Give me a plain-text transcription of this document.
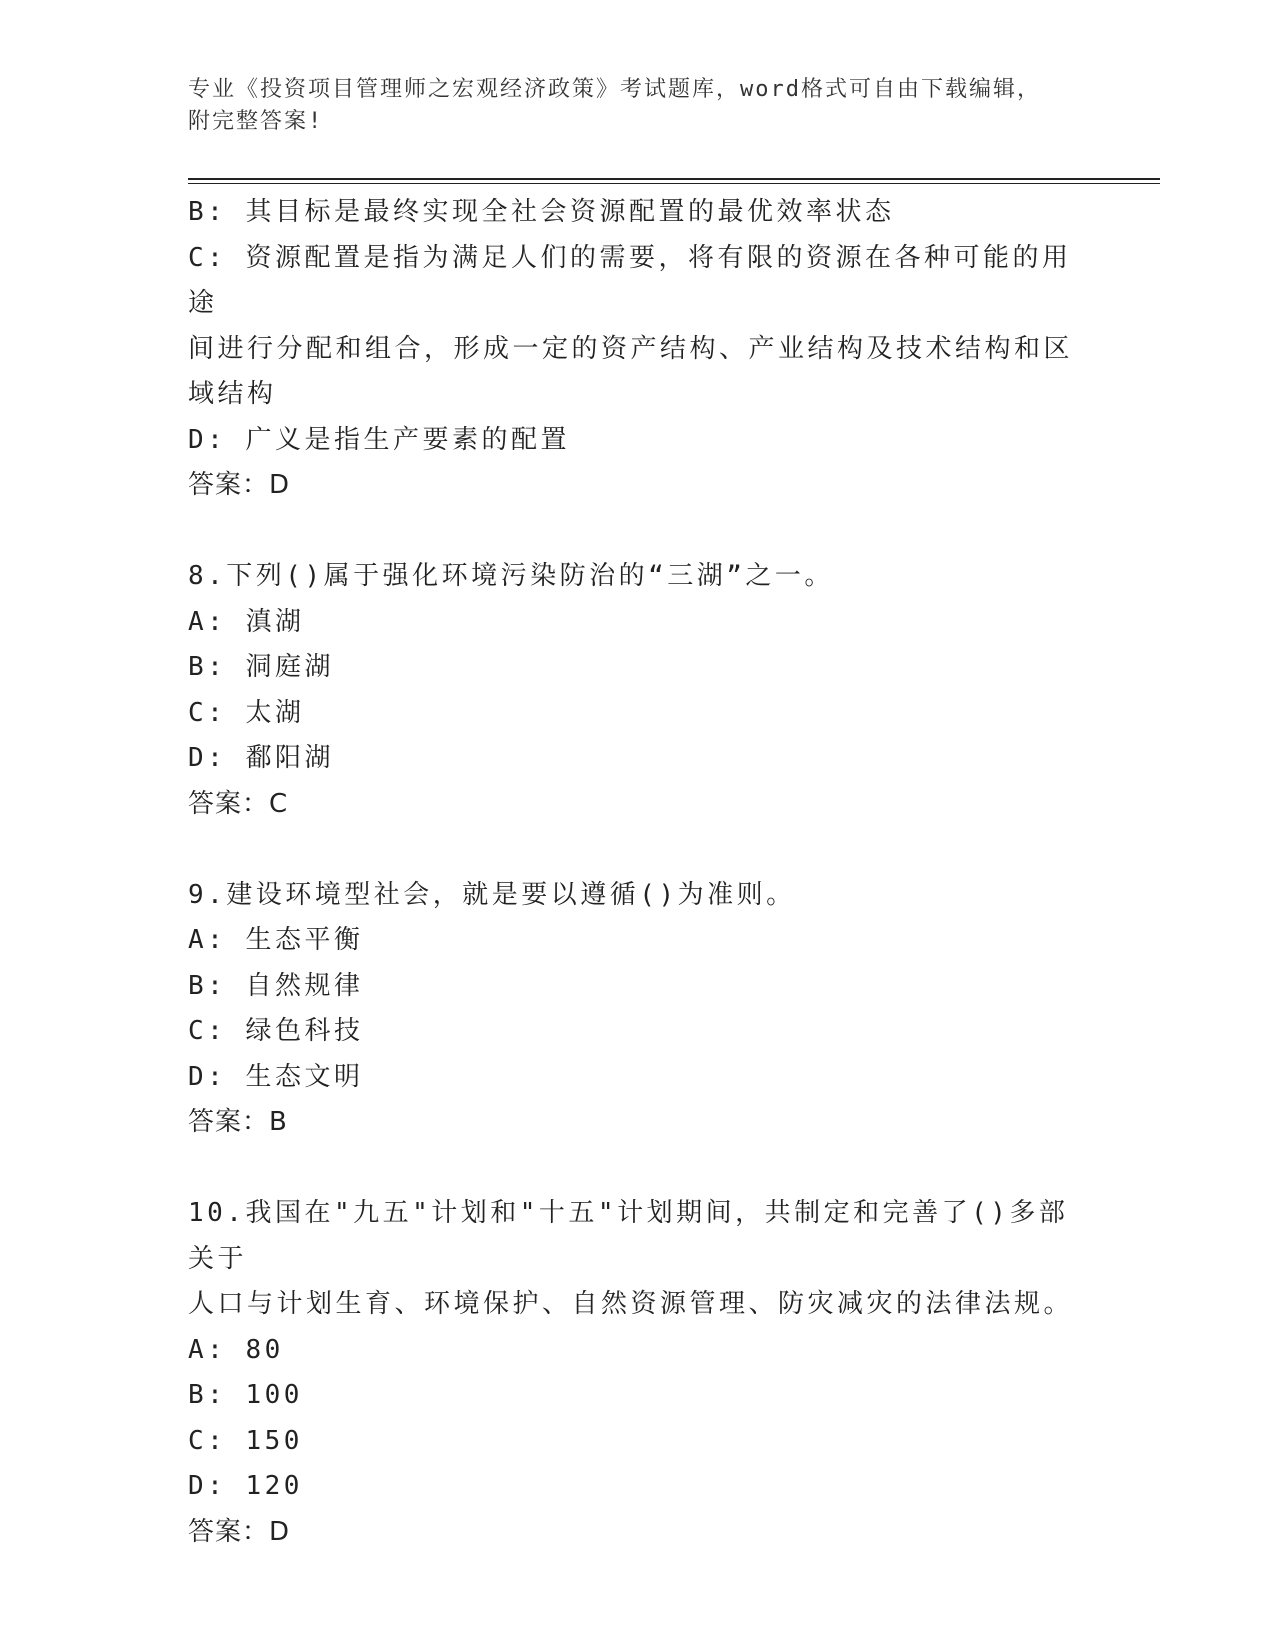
专业《投资项目管理师之宏观经济政策》考试题库，word格式可自由下载编辑，
附完整答案!

B: 其目标是最终实现全社会资源配置的最优效率状态

C: 资源配置是指为满足人们的需要，将有限的资源在各种可能的用途

间进行分配和组合，形成一定的资产结构、产业结构及技术结构和区

域结构

D: 广义是指生产要素的配置

答案：D

8.下列()属于强化环境污染防治的“三湖”之一。

A: 滇湖

B: 洞庭湖

C: 太湖

D: 鄱阳湖

答案：C

9.建设环境型社会，就是要以遵循()为准则。

A: 生态平衡

B: 自然规律

C: 绿色科技

D: 生态文明

答案：B

10.我国在"九五"计划和"十五"计划期间，共制定和完善了()多部关于

人口与计划生育、环境保护、自然资源管理、防灾减灾的法律法规。

A: 80

B: 100

C: 150

D: 120

答案：D
